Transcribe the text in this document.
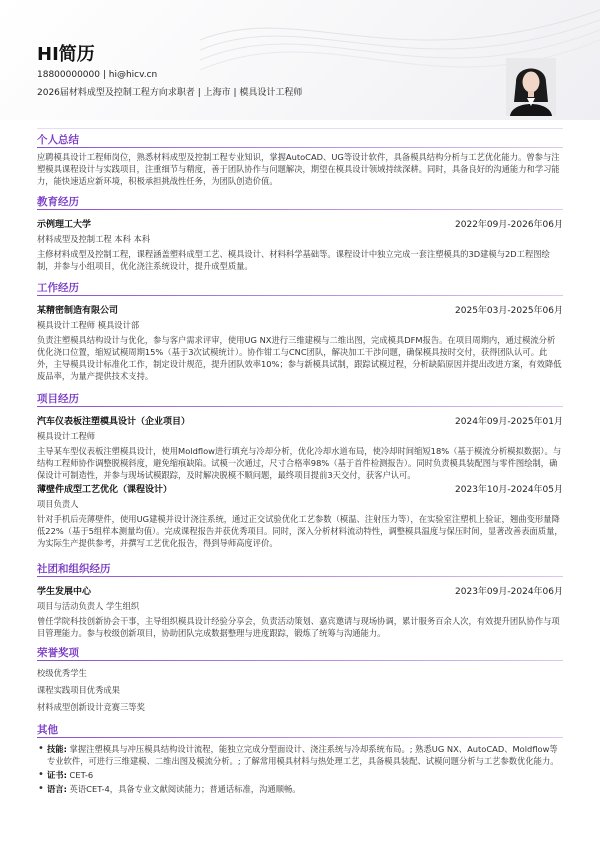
HI简历
18800000000 | hi@hicv.cn
2026届材料成型及控制工程方向求职者 | 上海市 | 模具设计工程师
个人总结
应聘模具设计工程师岗位，熟悉材料成型及控制工程专业知识，掌握AutoCAD、UG等设计软件，具备模具结构分析与工艺优化能力。曾参与注塑模具课程设计与实践项目，注重细节与精度，善于团队协作与问题解决，期望在模具设计领域持续深耕。同时，具备良好的沟通能力和学习能力，能快速适应新环境，积极承担挑战性任务，为团队创造价值。
教育经历
示例理工大学	2022年09月-2026年06月
材料成型及控制工程 本科 本科
主修材料成型及控制工程，课程涵盖塑料成型工艺、模具设计、材料科学基础等。课程设计中独立完成一套注塑模具的3D建模与2D工程图绘制，并参与小组项目，优化浇注系统设计，提升成型质量。
工作经历
某精密制造有限公司	2025年03月-2025年06月
模具设计工程师 模具设计部
负责注塑模具结构设计与优化，参与客户需求评审，使用UG NX进行三维建模与二维出图，完成模具DFM报告。在项目周期内，通过模流分析优化浇口位置，缩短试模周期15%（基于3次试模统计）。协作钳工与CNC团队，解决加工干涉问题，确保模具按时交付，获得团队认可。此外，主导模具设计标准化工作，制定设计规范，提升团队效率10%；参与新模具试制，跟踪试模过程，分析缺陷原因并提出改进方案，有效降低废品率，为量产提供技术支持。
项目经历
汽车仪表板注塑模具设计（企业项目）	2024年09月-2025年01月
模具设计工程师
主导某车型仪表板注塑模具设计，使用Moldflow进行填充与冷却分析，优化冷却水道布局，使冷却时间缩短18%（基于模流分析模拟数据）。与结构工程师协作调整脱模斜度，避免缩痕缺陷。试模一次通过，尺寸合格率98%（基于首件检测报告）。同时负责模具装配图与零件图绘制，确保设计可制造性，并参与现场试模跟踪，及时解决脱模不顺问题，最终项目提前3天交付，获客户认可。
薄壁件成型工艺优化（课程设计）	2023年10月-2024年05月
项目负责人
针对手机后壳薄壁件，使用UG建模并设计浇注系统，通过正交试验优化工艺参数（模温、注射压力等），在实验室注塑机上验证，翘曲变形量降低22%（基于5组样本测量均值）。完成课程报告并获优秀项目。同时，深入分析材料流动特性，调整模具温度与保压时间，显著改善表面质量，为实际生产提供参考，并撰写工艺优化报告，得到导师高度评价。
社团和组织经历
学生发展中心	2023年09月-2024年06月
项目与活动负责人 学生组织
曾任学院科技创新协会干事，主导组织模具设计经验分享会，负责活动策划、嘉宾邀请与现场协调，累计服务百余人次，有效提升团队协作与项目管理能力。参与校级创新项目，协助团队完成数据整理与进度跟踪，锻炼了统筹与沟通能力。
荣誉奖项
校级优秀学生
课程实践项目优秀成果
材料成型创新设计竞赛三等奖
其他
• 技能: 掌握注塑模具与冲压模具结构设计流程，能独立完成分型面设计、浇注系统与冷却系统布局。; 熟悉UG NX、AutoCAD、Moldflow等专业软件，可进行三维建模、二维出图及模流分析。; 了解常用模具材料与热处理工艺，具备模具装配、试模问题分析与工艺参数优化能力。
• 证书: CET-6
• 语言: 英语CET-4，具备专业文献阅读能力；普通话标准，沟通顺畅。
